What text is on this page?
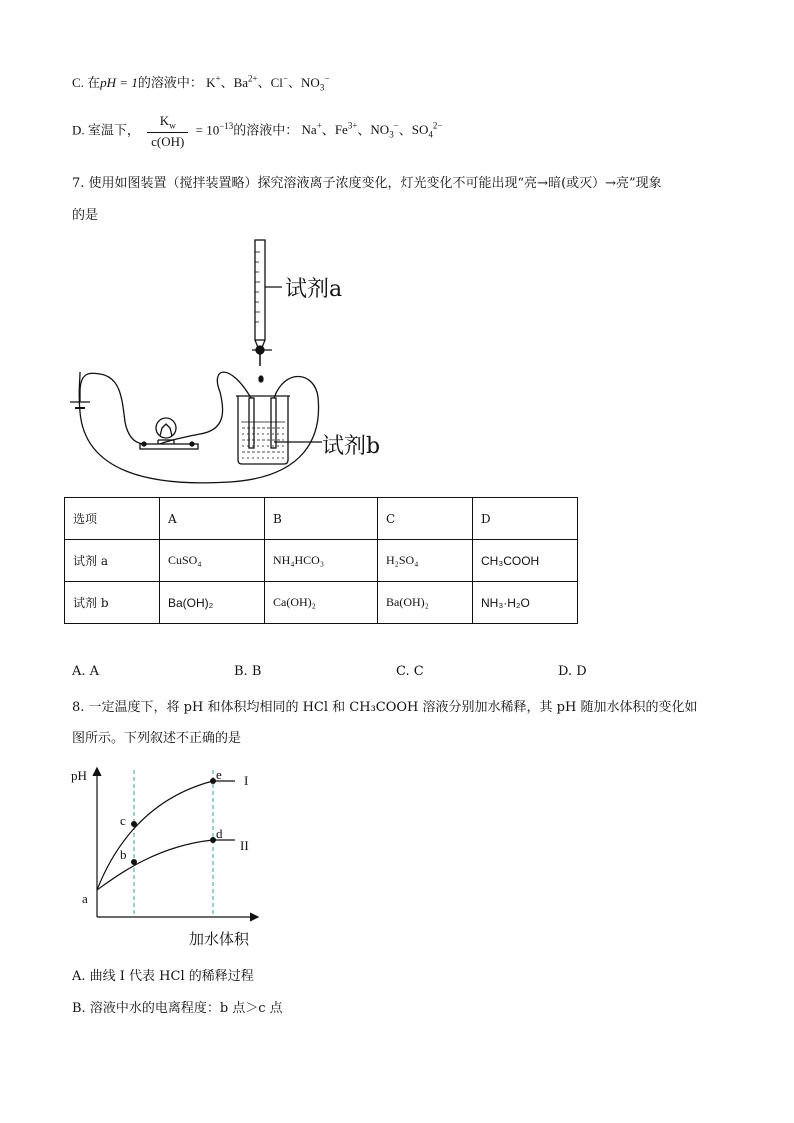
C. 在pH = 1的溶液中： K+、$Ba^{2+}$、Cl−、$NO_3^-$
D. 室温下， $\frac{K_w}{c(OH)} = 10^{-13}$的溶液中： Na+、$Fe^{3+}$、$NO_3^-$、$SO_4^{2-}$
7. 使用如图装置（搅拌装置略）探究溶液离子浓度变化，灯光变化不可能出现“亮→暗(或灭）→亮”现象
的是
试剂a
试剂b
选项	A	B	C	D
试剂 a	CuSO₄	NH₄HCO₃	H₂SO₄	CH₃COOH
试剂 b	Ba(OH)₂	Ca(OH)₂	Ba(OH)₂	NH₃·H₂O
A. A	B. B	C. C	D. D
8. 一定温度下，将 pH 和体积均相同的 HCl 和 CH₃COOH 溶液分别加水稀释，其 pH 随加水体积的变化如
图所示。下列叙述不正确的是
pH
a
b
c
d
e I
II
加水体积
A. 曲线 I 代表 HCl 的稀释过程
B. 溶液中水的电离程度：b 点＞c 点
